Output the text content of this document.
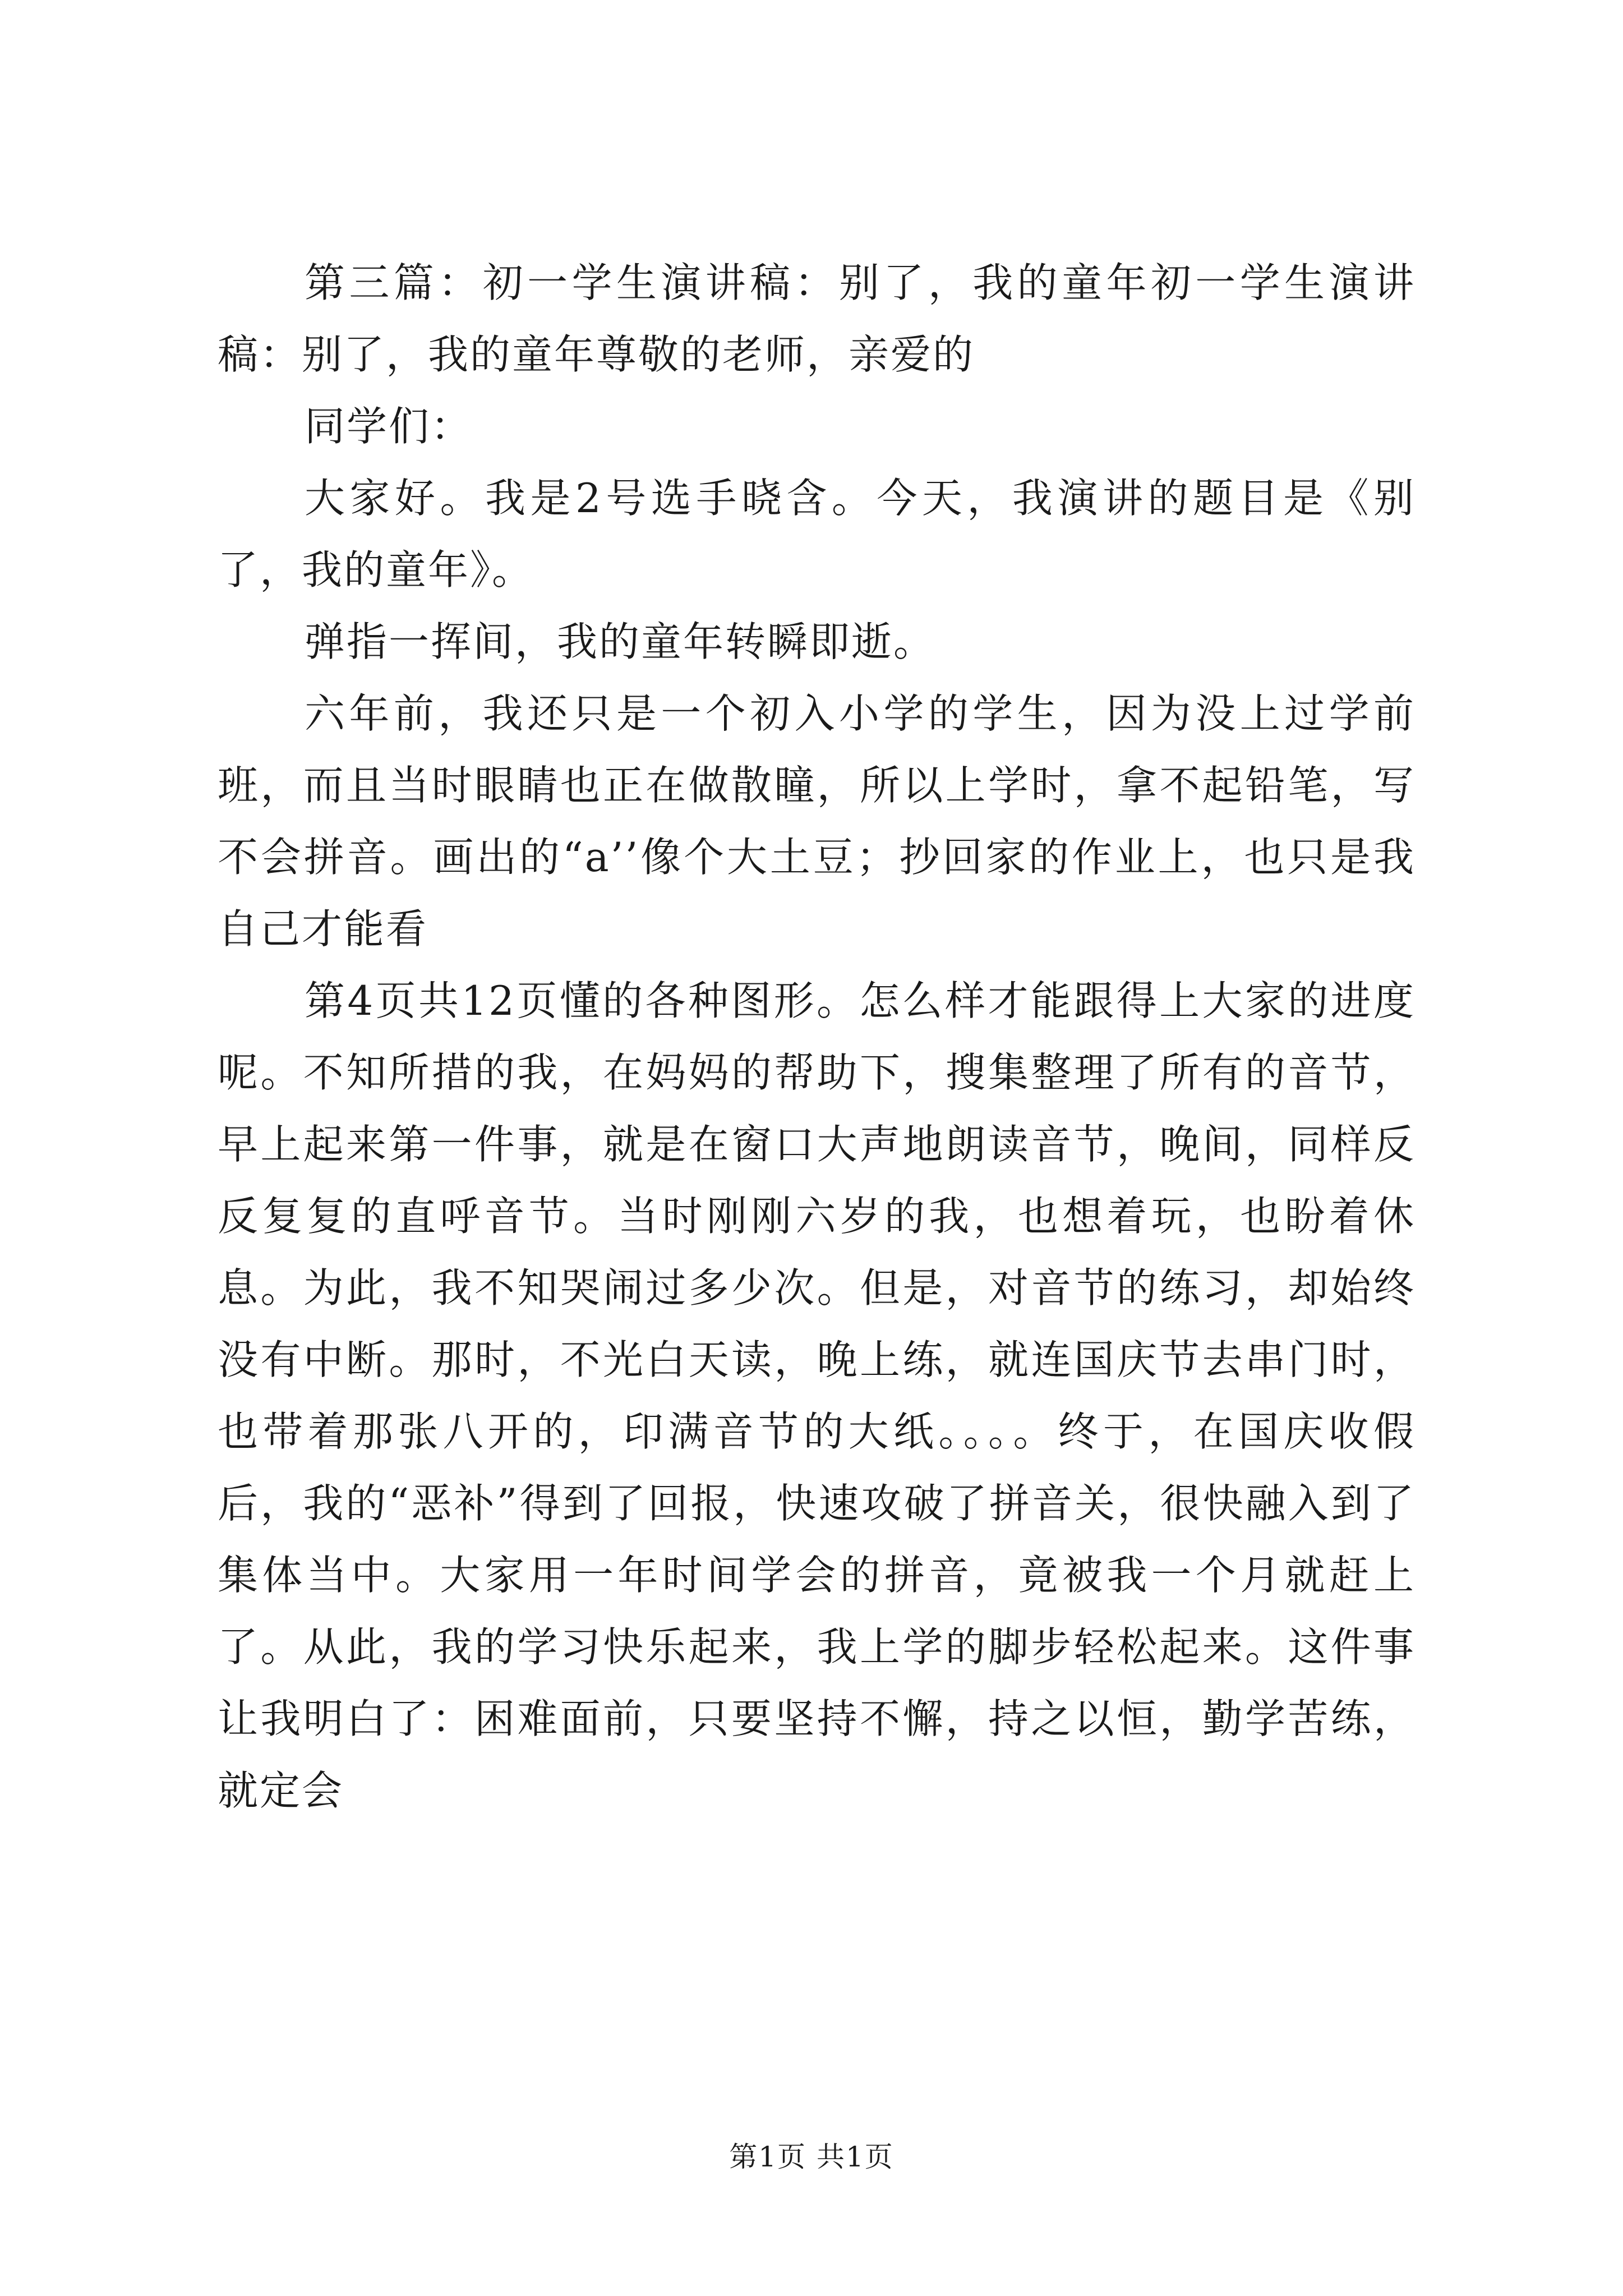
第三篇：初一学生演讲稿：别了，我的童年初一学生演讲稿：别了，我的童年尊敬的老师，亲爱的

同学们：

大家好。我是2号选手晓含。今天，我演讲的题目是《别了，我的童年》。

弹指一挥间，我的童年转瞬即逝。

六年前，我还只是一个初入小学的学生，因为没上过学前班，而且当时眼睛也正在做散瞳，所以上学时，拿不起铅笔，写不会拼音。画出的“a’’像个大土豆；抄回家的作业上，也只是我自己才能看

第4页共12页懂的各种图形。怎么样才能跟得上大家的进度呢。不知所措的我，在妈妈的帮助下，搜集整理了所有的音节，早上起来第一件事，就是在窗口大声地朗读音节，晚间，同样反反复复的直呼音节。当时刚刚六岁的我，也想着玩，也盼着休息。为此，我不知哭闹过多少次。但是，对音节的练习，却始终没有中断。那时，不光白天读，晚上练，就连国庆节去串门时，也带着那张八开的，印满音节的大纸。。。。终于，在国庆收假后，我的“恶补”得到了回报，快速攻破了拼音关，很快融入到了集体当中。大家用一年时间学会的拼音，竟被我一个月就赶上了。从此，我的学习快乐起来，我上学的脚步轻松起来。这件事让我明白了：困难面前，只要坚持不懈，持之以恒，勤学苦练，就定会

第1页 共1页
